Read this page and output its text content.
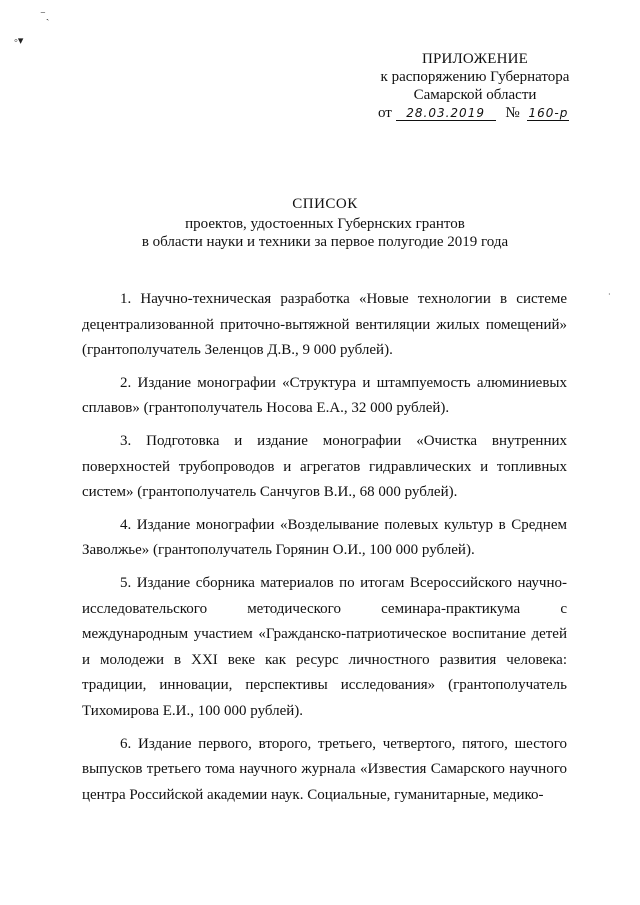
⁻ˎ
◦▾
·
ПРИЛОЖЕНИЕ
к распоряжению Губернатора
Самарской области
от 28.03.2019 № 160-р
СПИСОК
проектов, удостоенных Губернских грантов
в области науки и техники за первое полугодие 2019 года

1. Научно-техническая разработка «Новые технологии в системе децентрализованной приточно-вытяжной вентиляции жилых помещений» (грантополучатель Зеленцов Д.В., 9 000 рублей).

2. Издание монографии «Структура и штампуемость алюминиевых сплавов» (грантополучатель Носова Е.А., 32 000 рублей).

3. Подготовка и издание монографии «Очистка внутренних поверхностей трубопроводов и агрегатов гидравлических и топливных систем» (грантополучатель Санчугов В.И., 68 000 рублей).

4. Издание монографии «Возделывание полевых культур в Среднем Заволжье» (грантополучатель Горянин О.И., 100 000 рублей).

5. Издание сборника материалов по итогам Всероссийского научно-исследовательского методического семинара-практикума с международным участием «Гражданско-патриотическое воспитание детей и молодежи в XXI веке как ресурс личностного развития человека: традиции, инновации, перспективы исследования» (грантополучатель Тихомирова Е.И., 100 000 рублей).

6. Издание первого, второго, третьего, четвертого, пятого, шестого выпусков третьего тома научного журнала «Известия Самарского научного центра Российской академии наук. Социальные, гуманитарные, медико-
